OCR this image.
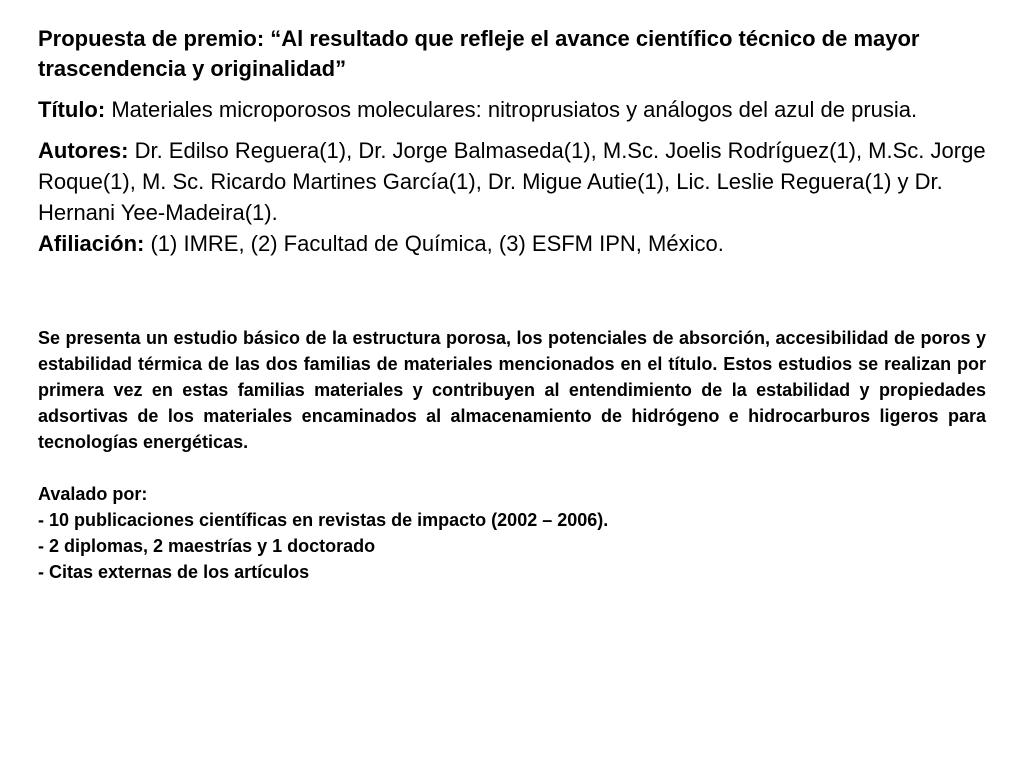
Propuesta de premio: “Al resultado que refleje el avance científico técnico de mayor trascendencia y originalidad”

Título: Materiales microporosos moleculares: nitroprusiatos y análogos del azul de prusia.

Autores: Dr. Edilso Reguera(1), Dr. Jorge Balmaseda(1), M.Sc. Joelis Rodríguez(1), M.Sc. Jorge Roque(1), M. Sc. Ricardo Martines García(1), Dr. Migue Autie(1), Lic. Leslie Reguera(1) y Dr. Hernani Yee-Madeira(1).

Afiliación: (1) IMRE, (2) Facultad de Química, (3) ESFM IPN, México.

Se presenta un estudio básico de la estructura porosa, los potenciales de absorción, accesibilidad de poros y estabilidad térmica de las dos familias de materiales mencionados en el título. Estos estudios se realizan por primera vez en estas familias materiales y contribuyen al entendimiento de la estabilidad y propiedades adsortivas de los materiales encaminados al almacenamiento de hidrógeno e hidrocarburos ligeros para tecnologías energéticas.

Avalado por:
- 10 publicaciones científicas en revistas de impacto (2002 – 2006).
- 2 diplomas, 2 maestrías y 1 doctorado
- Citas externas de los artículos
